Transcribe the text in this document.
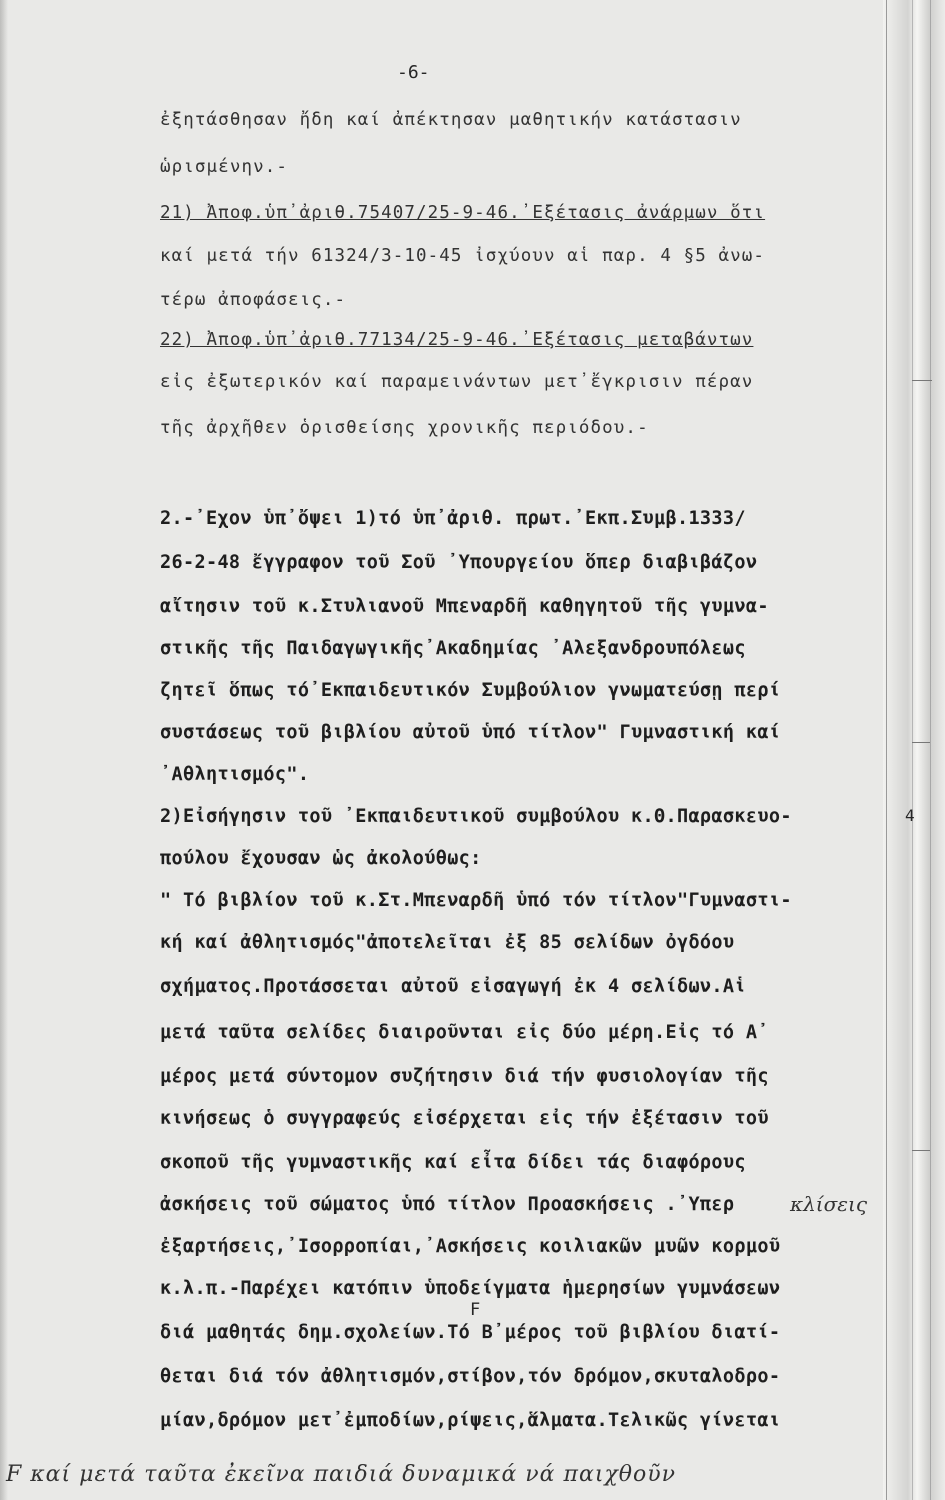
-6-
ἐξητάσθησαν ἤδη καί ἀπέκτησαν μαθητικήν κατάστασιν
ὡρισμένην.-
21) Ἀποφ.ὑπ᾽ἀριθ.75407/25-9-46.᾽Εξέτασις ἀνάρμων ὅτι
καί μετά τήν 61324/3-10-45 ἰσχύουν αἱ παρ. 4 §5 ἀνω-
τέρω ἀποφάσεις.-
22) Ἀποφ.ὑπ᾽ἀριθ.77134/25-9-46.᾽Εξέτασις μεταβάντων
εἰς ἐξωτερικόν καί παραμεινάντων μετ᾽ἔγκρισιν πέραν
τῆς ἀρχῆθεν ὁρισθείσης χρονικῆς περιόδου.-
2.-᾽Εχον ὑπ᾽ὄψει 1)τό ὑπ᾽ἀριθ. πρωτ.᾽Εκπ.Συμβ.1333/
26-2-48 ἔγγραφον τοῦ Σοῦ ᾽Υπουργείου ὅπερ διαβιβάζον
αἴτησιν τοῦ κ.Στυλιανοῦ Μπεναρδῆ καθηγητοῦ τῆς γυμνα-
στικῆς τῆς Παιδαγωγικῆς᾽Ακαδημίας ᾽Αλεξανδρουπόλεως
ζητεῖ ὅπως τό᾽Εκπαιδευτικόν Συμβούλιον γνωματεύσῃ περί
συστάσεως τοῦ βιβλίου αὐτοῦ ὑπό τίτλον" Γυμναστική καί
᾽Αθλητισμός".
2)Εἰσήγησιν τοῦ ᾽Εκπαιδευτικοῦ συμβούλου κ.Θ.Παρασκευο-
πούλου ἔχουσαν ὡς ἀκολούθως:
" Τό βιβλίον τοῦ κ.Στ.Μπεναρδῆ ὑπό τόν τίτλον"Γυμναστι-
κή καί ἀθλητισμός"ἀποτελεῖται ἐξ 85 σελίδων ὀγδόου
σχήματος.Προτάσσεται αὐτοῦ εἰσαγωγή ἐκ 4 σελίδων.Αἱ
μετά ταῦτα σελίδες διαιροῦνται εἰς δύο μέρη.Εἰς τό Α᾽
μέρος μετά σύντομον συζήτησιν διά τήν φυσιολογίαν τῆς
κινήσεως ὁ συγγραφεύς εἰσέρχεται εἰς τήν ἐξέτασιν τοῦ
σκοποῦ τῆς γυμναστικῆς καί εἶτα δίδει τάς διαφόρους
ἀσκήσεις τοῦ σώματος ὑπό τίτλον Προασκήσεις .᾽Υπερ
ἐξαρτήσεις,᾽Ισορροπίαι,᾽Ασκήσεις κοιλιακῶν μυῶν κορμοῦ
κ.λ.π.-Παρέχει κατόπιν ὑποδείγματα ἡμερησίων γυμνάσεων
διά μαθητάς δημ.σχολείων.Τό Β᾽μέρος τοῦ βιβλίου διατί-
θεται διά τόν ἀθλητισμόν,στίβον,τόν δρόμον,σκυταλοδρο-
μίαν,δρόμον μετ᾽ἐμποδίων,ρίψεις,ἅλματα.Τελικῶς γίνεται
κλίσεις
F
4
F καί μετά ταῦτα ἐκεῖνα παιδιά δυναμικά νά παιχθοῦν
